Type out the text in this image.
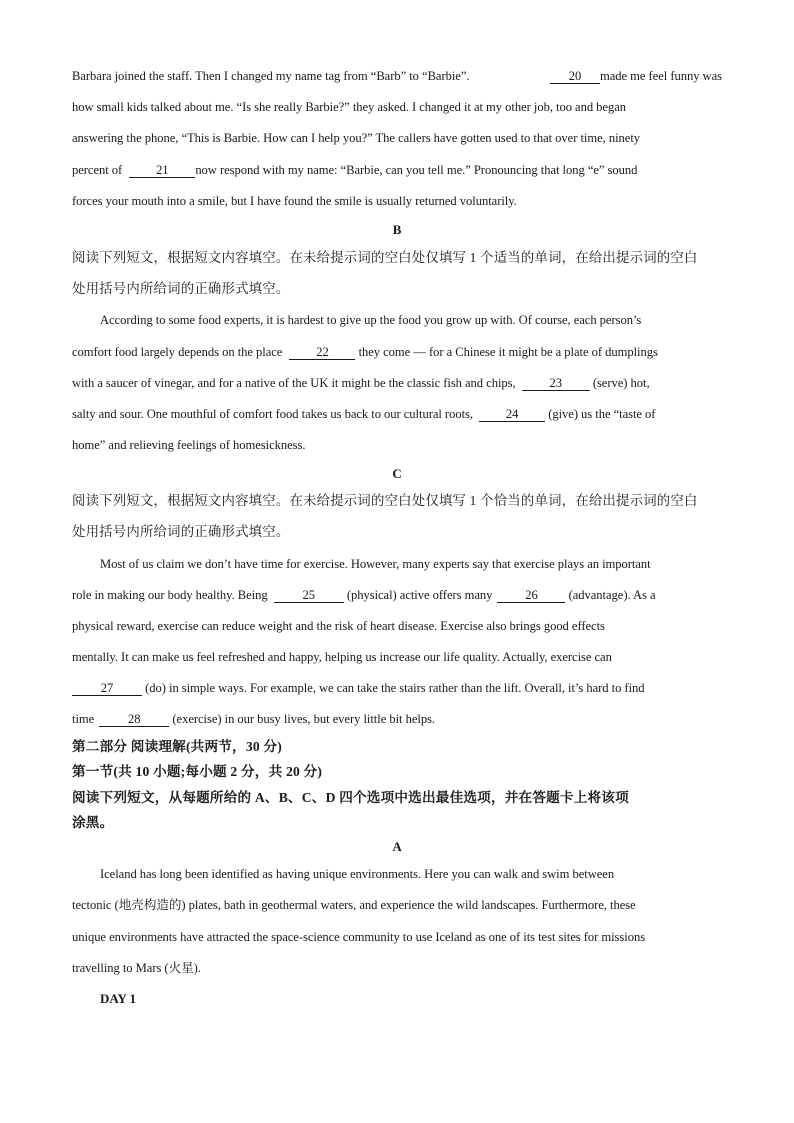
Barbara joined the staff. Then I changed my name tag from “Barb” to “Barbie”.	20 made me feel funny was
how small kids talked about me. “Is she really Barbie?” they asked. I changed it at my other job, too and began
answering the phone, “This is Barbie. How can I help you?” The callers have gotten used to that over time, ninety
percent of	21 now respond with my name: “Barbie, can you tell me.” Pronouncing that long “e” sound
forces your mouth into a smile, but I have found the smile is usually returned voluntarily.
B
阅读下列短文，根据短文内容填空。在未给提示词的空白处仅填写 1 个适当的单词，在给出提示词的空白
处用括号内所给词的正确形式填空。
According to some food experts, it is hardest to give up the food you grow up with. Of course, each person’s
comfort food largely depends on the place	22 they come — for a Chinese it might be a plate of dumplings
with a saucer of vinegar, and for a native of the UK it might be the classic fish and chips,	23 (serve) hot,
salty and sour. One mouthful of comfort food takes us back to our cultural roots,	24 (give) us the “taste of
home” and relieving feelings of homesickness.
C
阅读下列短文，根据短文内容填空。在未给提示词的空白处仅填写 1 个恰当的单词，在给出提示词的空白
处用括号内所给词的正确形式填空。
Most of us claim we don’t have time for exercise. However, many experts say that exercise plays an important
role in making our body healthy. Being	25	(physical) active offers many	26 (advantage). As a
physical reward, exercise can reduce weight and the risk of heart disease. Exercise also brings good effects
mentally. It can make us feel refreshed and happy, helping us increase our life quality. Actually, exercise can
27	(do) in simple ways. For example, we can take the stairs rather than the lift. Overall, it’s hard to find
time	28	(exercise) in our busy lives, but every little bit helps.
第二部分 阅读理解(共两节，30 分)
第一节(共 10 小题;每小题 2 分，共 20 分)
阅读下列短文，从每题所给的 A、B、C、D 四个选项中选出最佳选项，并在答题卡上将该项
涂黑。
A
Iceland has long been identified as having unique environments. Here you can walk and swim between
tectonic (地壳构造的) plates, bath in geothermal waters, and experience the wild landscapes. Furthermore, these
unique environments have attracted the space-science community to use Iceland as one of its test sites for missions
travelling to Mars (火星).
DAY 1
